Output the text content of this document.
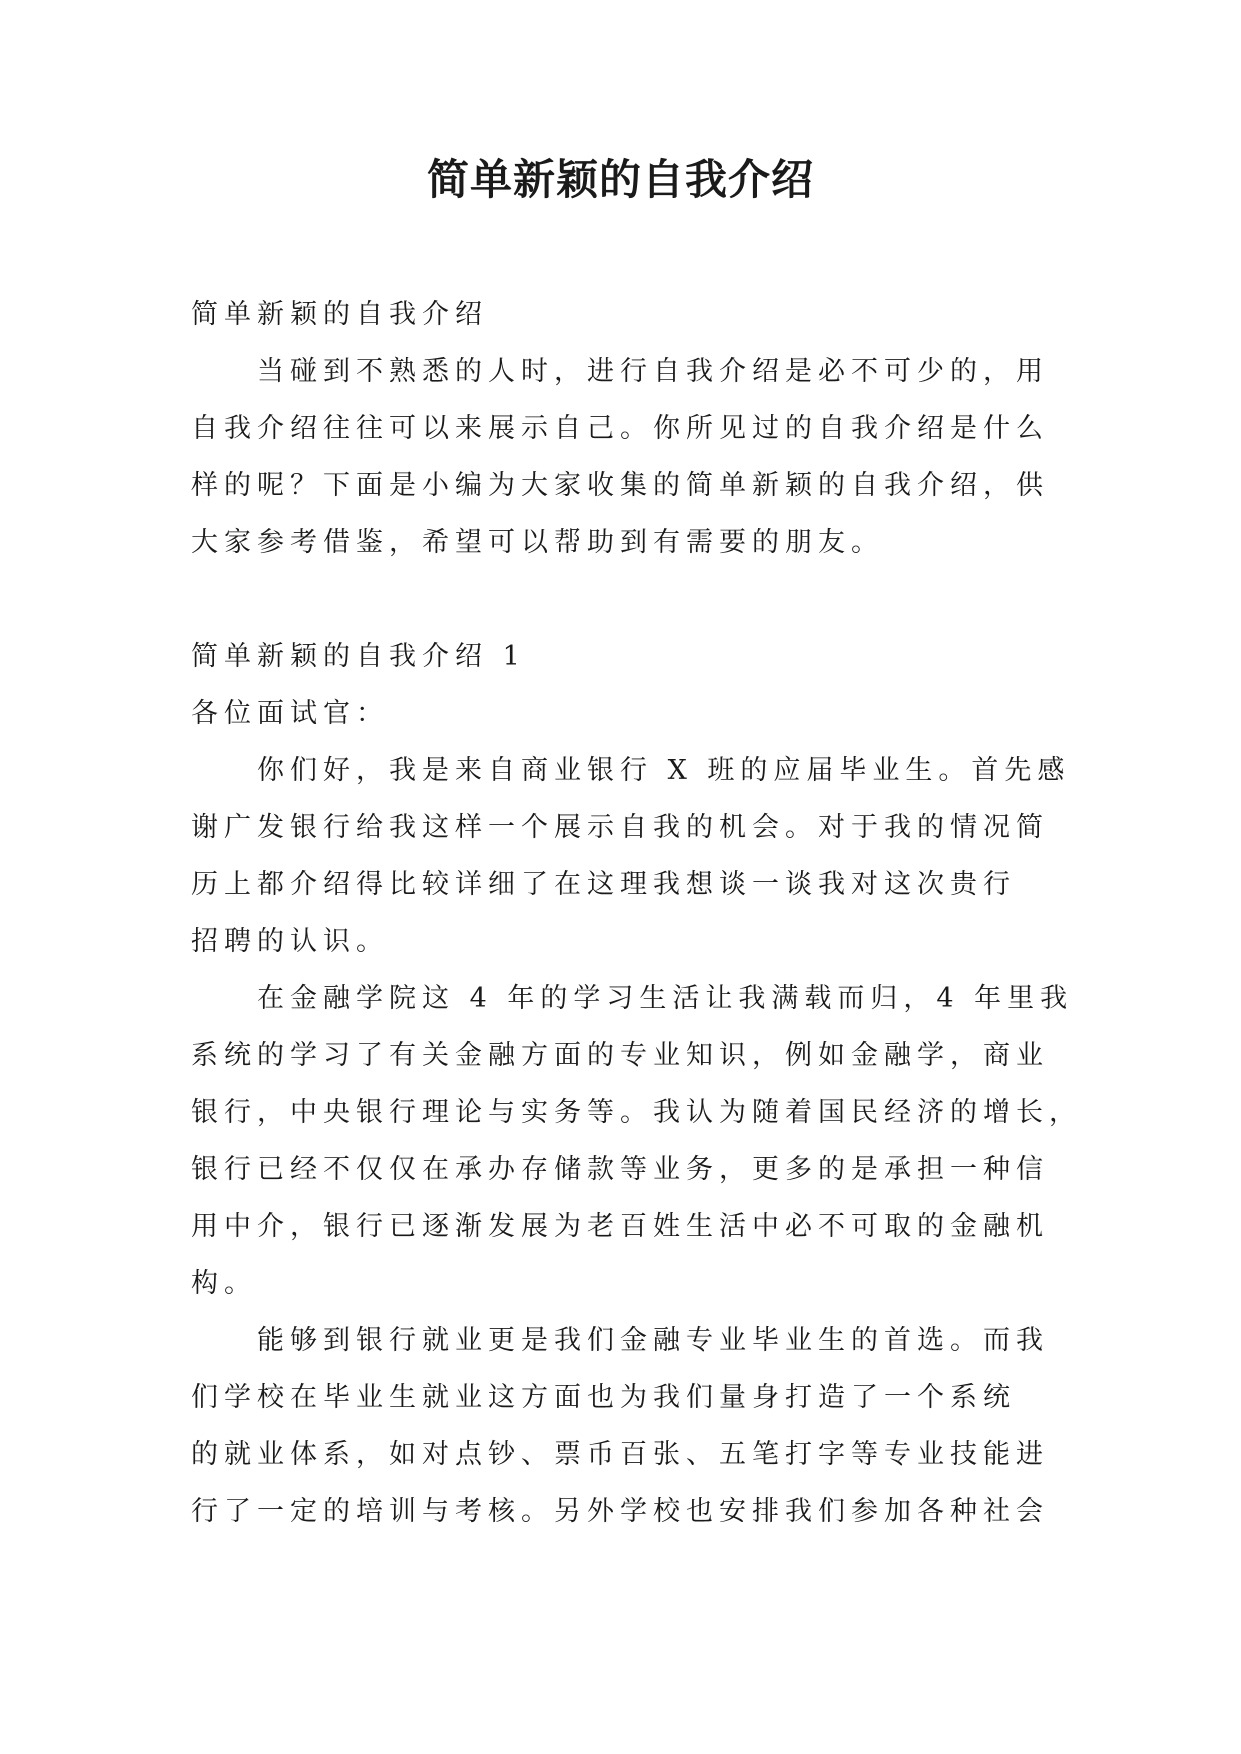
简单新颖的自我介绍

简单新颖的自我介绍

当碰到不熟悉的人时，进行自我介绍是必不可少的，用

自我介绍往往可以来展示自己。你所见过的自我介绍是什么

样的呢？下面是小编为大家收集的简单新颖的自我介绍，供

大家参考借鉴，希望可以帮助到有需要的朋友。

简单新颖的自我介绍 1

各位面试官：

你们好，我是来自商业银行 X 班的应届毕业生。首先感

谢广发银行给我这样一个展示自我的机会。对于我的情况简

历上都介绍得比较详细了在这理我想谈一谈我对这次贵行

招聘的认识。

在金融学院这 4 年的学习生活让我满载而归，4 年里我

系统的学习了有关金融方面的专业知识，例如金融学，商业

银行，中央银行理论与实务等。我认为随着国民经济的增长，

银行已经不仅仅在承办存储款等业务，更多的是承担一种信

用中介，银行已逐渐发展为老百姓生活中必不可取的金融机

构。

能够到银行就业更是我们金融专业毕业生的首选。而我

们学校在毕业生就业这方面也为我们量身打造了一个系统

的就业体系，如对点钞、票币百张、五笔打字等专业技能进

行了一定的培训与考核。另外学校也安排我们参加各种社会
